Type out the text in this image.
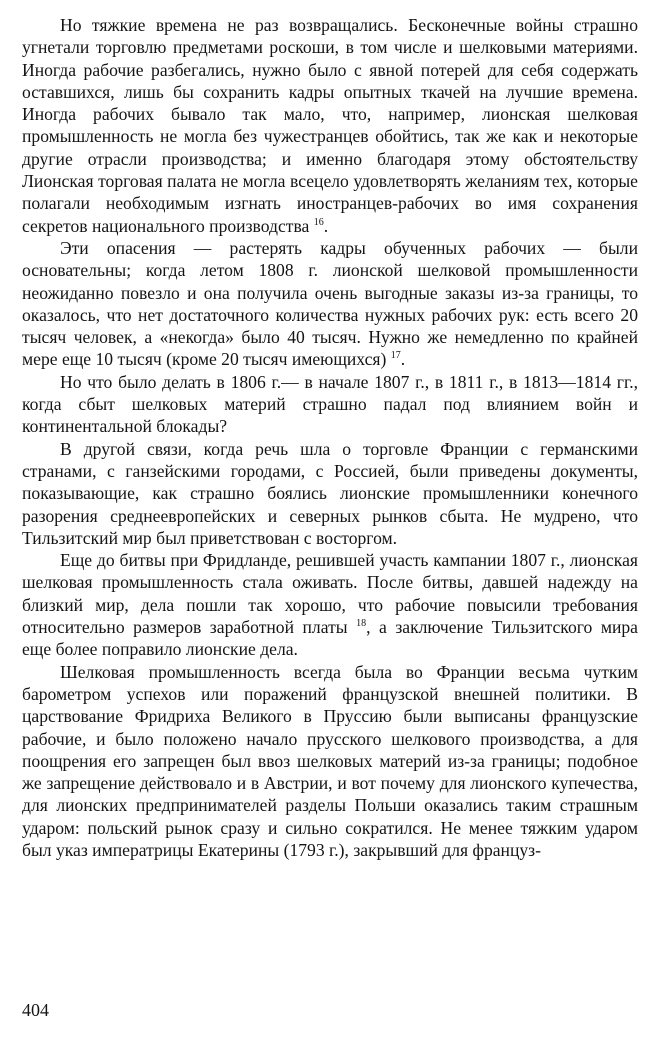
Но тяжкие времена не раз возвращались. Бесконечные войны страшно угнетали торговлю предметами роскоши, в том числе и шелковыми материями. Иногда рабочие разбегались, нужно было с явной потерей для себя содержать оставшихся, лишь бы сохранить кадры опытных ткачей на лучшие времена. Иногда рабочих бывало так мало, что, например, лионская шелковая промышленность не могла без чужестранцев обойтись, так же как и некоторые другие отрасли производства; и именно благодаря этому обстоятельству Лионская торговая палата не могла всецело удовлетворять желаниям тех, которые полагали необходимым изгнать иностранцев-рабочих во имя сохранения секретов национального производства $^{16}$.

Эти опасения — растерять кадры обученных рабочих — были основательны; когда летом 1808 г. лионской шелковой промышленности неожиданно повезло и она получила очень выгодные заказы из-за границы, то оказалось, что нет достаточного количества нужных рабочих рук: есть всего 20 тысяч человек, а «некогда» было 40 тысяч. Нужно же немедленно по крайней мере еще 10 тысяч (кроме 20 тысяч имеющихся) $^{17}$.

Но что было делать в 1806 г.— в начале 1807 г., в 1811 г., в 1813—1814 гг., когда сбыт шелковых материй страшно падал под влиянием войн и континентальной блокады?

В другой связи, когда речь шла о торговле Франции с германскими странами, с ганзейскими городами, с Россией, были приведены документы, показывающие, как страшно боялись лионские промышленники конечного разорения среднеевропейских и северных рынков сбыта. Не мудрено, что Тильзитский мир был приветствован с восторгом.

Еще до битвы при Фридланде, решившей участь кампании 1807 г., лионская шелковая промышленность стала оживать. После битвы, давшей надежду на близкий мир, дела пошли так хорошо, что рабочие повысили требования относительно размеров заработной платы $^{18}$, а заключение Тильзитского мира еще более поправило лионские дела.

Шелковая промышленность всегда была во Франции весьма чутким барометром успехов или поражений французской внешней политики. В царствование Фридриха Великого в Пруссию были выписаны французские рабочие, и было положено начало прусского шелкового производства, а для поощрения его запрещен был ввоз шелковых материй из-за границы; подобное же запрещение действовало и в Австрии, и вот почему для лионского купечества, для лионских предпринимателей разделы Польши оказались таким страшным ударом: польский рынок сразу и сильно сократился. Не менее тяжким ударом был указ императрицы Екатерины (1793 г.), закрывший для француз-

404
